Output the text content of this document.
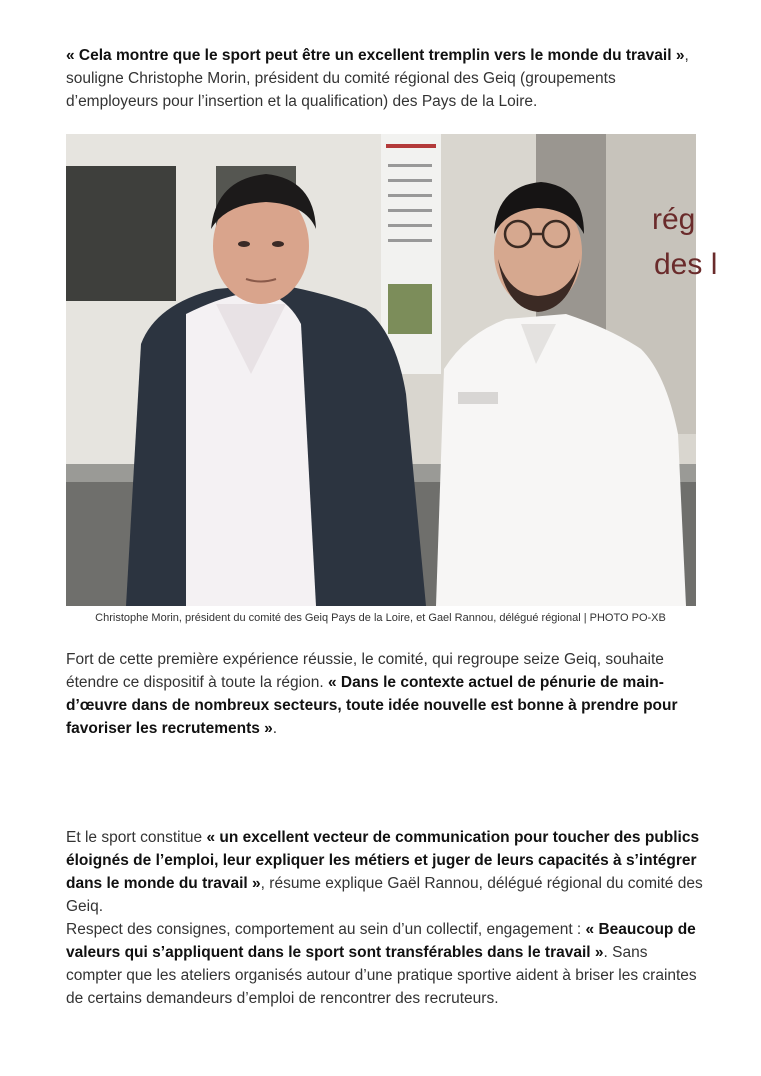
« Cela montre que le sport peut être un excellent tremplin vers le monde du travail », souligne Christophe Morin, président du comité régional des Geiq (groupements d’employeurs pour l’insertion et la qualification) des Pays de la Loire.
rég
des l
Christophe Morin, président du comité des Geiq Pays de la Loire, et Gael Rannou, délégué régional | PHOTO PO-XB
Fort de cette première expérience réussie, le comité, qui regroupe seize Geiq, souhaite étendre ce dispositif à toute la région. « Dans le contexte actuel de pénurie de main-d’œuvre dans de nombreux secteurs, toute idée nouvelle est bonne à prendre pour favoriser les recrutements ».
Et le sport constitue « un excellent vecteur de communication pour toucher des publics éloignés de l’emploi, leur expliquer les métiers et juger de leurs capacités à s’intégrer dans le monde du travail », résume explique Gaël Rannou, délégué régional du comité des Geiq.
Respect des consignes, comportement au sein d’un collectif, engagement : « Beaucoup de valeurs qui s’appliquent dans le sport sont transférables dans le travail ». Sans compter que les ateliers organisés autour d’une pratique sportive aident à briser les craintes de certains demandeurs d’emploi de rencontrer des recruteurs.
